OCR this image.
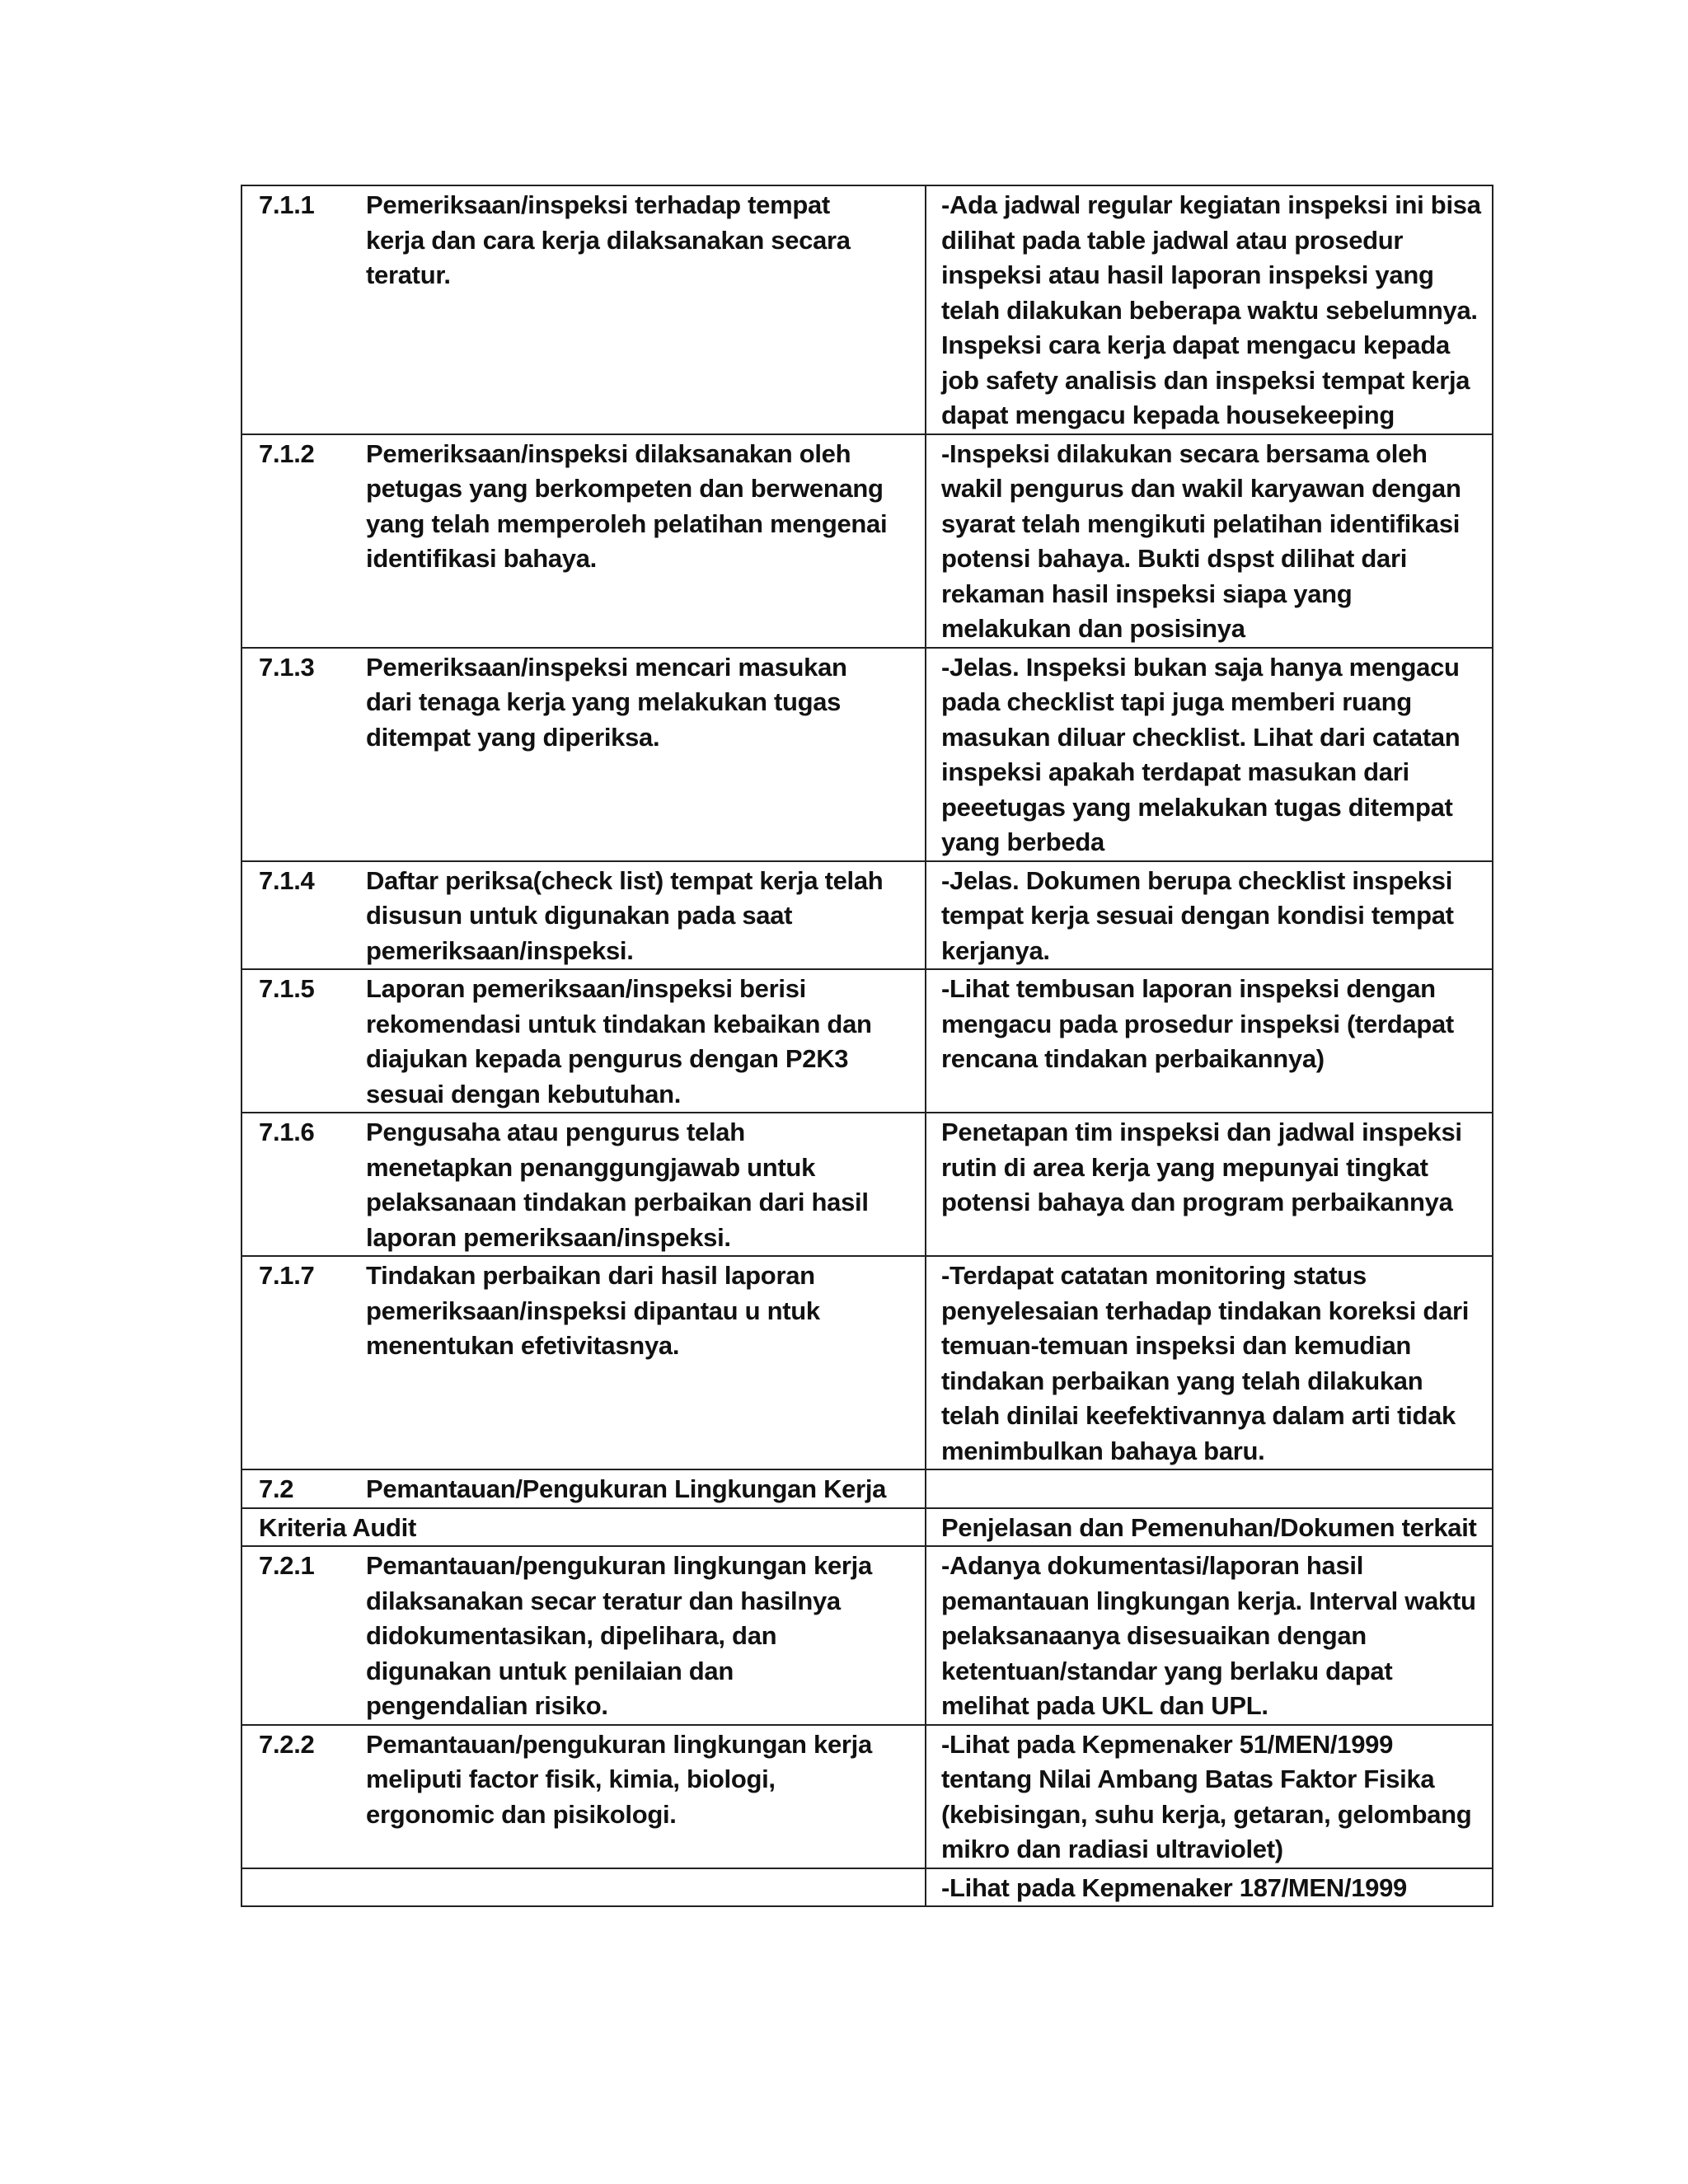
7.1.1 Pemeriksaan/inspeksi terhadap tempat kerja dan cara kerja dilaksanakan secara teratur.	-Ada jadwal regular kegiatan inspeksi ini bisa dilihat pada table jadwal atau prosedur inspeksi atau hasil laporan inspeksi yang telah dilakukan beberapa waktu sebelumnya. Inspeksi cara kerja dapat mengacu kepada job safety analisis dan inspeksi tempat kerja dapat mengacu kepada housekeeping

7.1.2 Pemeriksaan/inspeksi dilaksanakan oleh petugas yang berkompeten dan berwenang yang telah memperoleh pelatihan mengenai identifikasi bahaya.	-Inspeksi dilakukan secara bersama oleh wakil pengurus dan wakil karyawan dengan syarat telah mengikuti pelatihan identifikasi potensi bahaya. Bukti dspst dilihat dari rekaman hasil inspeksi siapa yang melakukan dan posisinya

7.1.3 Pemeriksaan/inspeksi mencari masukan dari tenaga kerja yang melakukan tugas ditempat yang diperiksa.	-Jelas. Inspeksi bukan saja hanya mengacu pada checklist tapi juga memberi ruang masukan diluar checklist. Lihat dari catatan inspeksi apakah terdapat masukan dari peeetugas yang melakukan tugas ditempat yang berbeda

7.1.4 Daftar periksa(check list) tempat kerja telah disusun untuk digunakan pada saat pemeriksaan/inspeksi.	-Jelas. Dokumen berupa checklist inspeksi tempat kerja sesuai dengan kondisi tempat kerjanya.

7.1.5 Laporan pemeriksaan/inspeksi berisi rekomendasi untuk tindakan kebaikan dan diajukan kepada pengurus dengan P2K3 sesuai dengan kebutuhan.	-Lihat tembusan laporan inspeksi dengan mengacu pada prosedur inspeksi (terdapat rencana tindakan perbaikannya)

7.1.6 Pengusaha atau pengurus telah menetapkan penanggungjawab untuk pelaksanaan tindakan perbaikan dari hasil laporan pemeriksaan/inspeksi.	Penetapan tim inspeksi dan jadwal inspeksi rutin di area kerja yang mepunyai tingkat potensi bahaya dan program perbaikannya

7.1.7 Tindakan perbaikan dari hasil laporan pemeriksaan/inspeksi dipantau u ntuk menentukan efetivitasnya.	-Terdapat catatan monitoring status penyelesaian terhadap tindakan koreksi dari temuan-temuan inspeksi dan kemudian tindakan perbaikan yang telah dilakukan telah dinilai keefektivannya dalam arti tidak menimbulkan bahaya baru.

7.2 Pemantauan/Pengukuran Lingkungan Kerja	

Kriteria Audit	Penjelasan dan Pemenuhan/Dokumen terkait

7.2.1 Pemantauan/pengukuran lingkungan kerja dilaksanakan secar teratur dan hasilnya didokumentasikan, dipelihara, dan digunakan untuk penilaian dan pengendalian risiko.	-Adanya dokumentasi/laporan hasil pemantauan lingkungan kerja. Interval waktu pelaksanaanya disesuaikan dengan ketentuan/standar yang berlaku dapat melihat pada UKL dan UPL.

7.2.2 Pemantauan/pengukuran lingkungan kerja meliputi factor fisik, kimia, biologi, ergonomic dan pisikologi.	-Lihat pada Kepmenaker 51/MEN/1999 tentang Nilai Ambang Batas Faktor Fisika (kebisingan, suhu kerja, getaran, gelombang mikro dan radiasi ultraviolet)

	-Lihat pada Kepmenaker 187/MEN/1999
